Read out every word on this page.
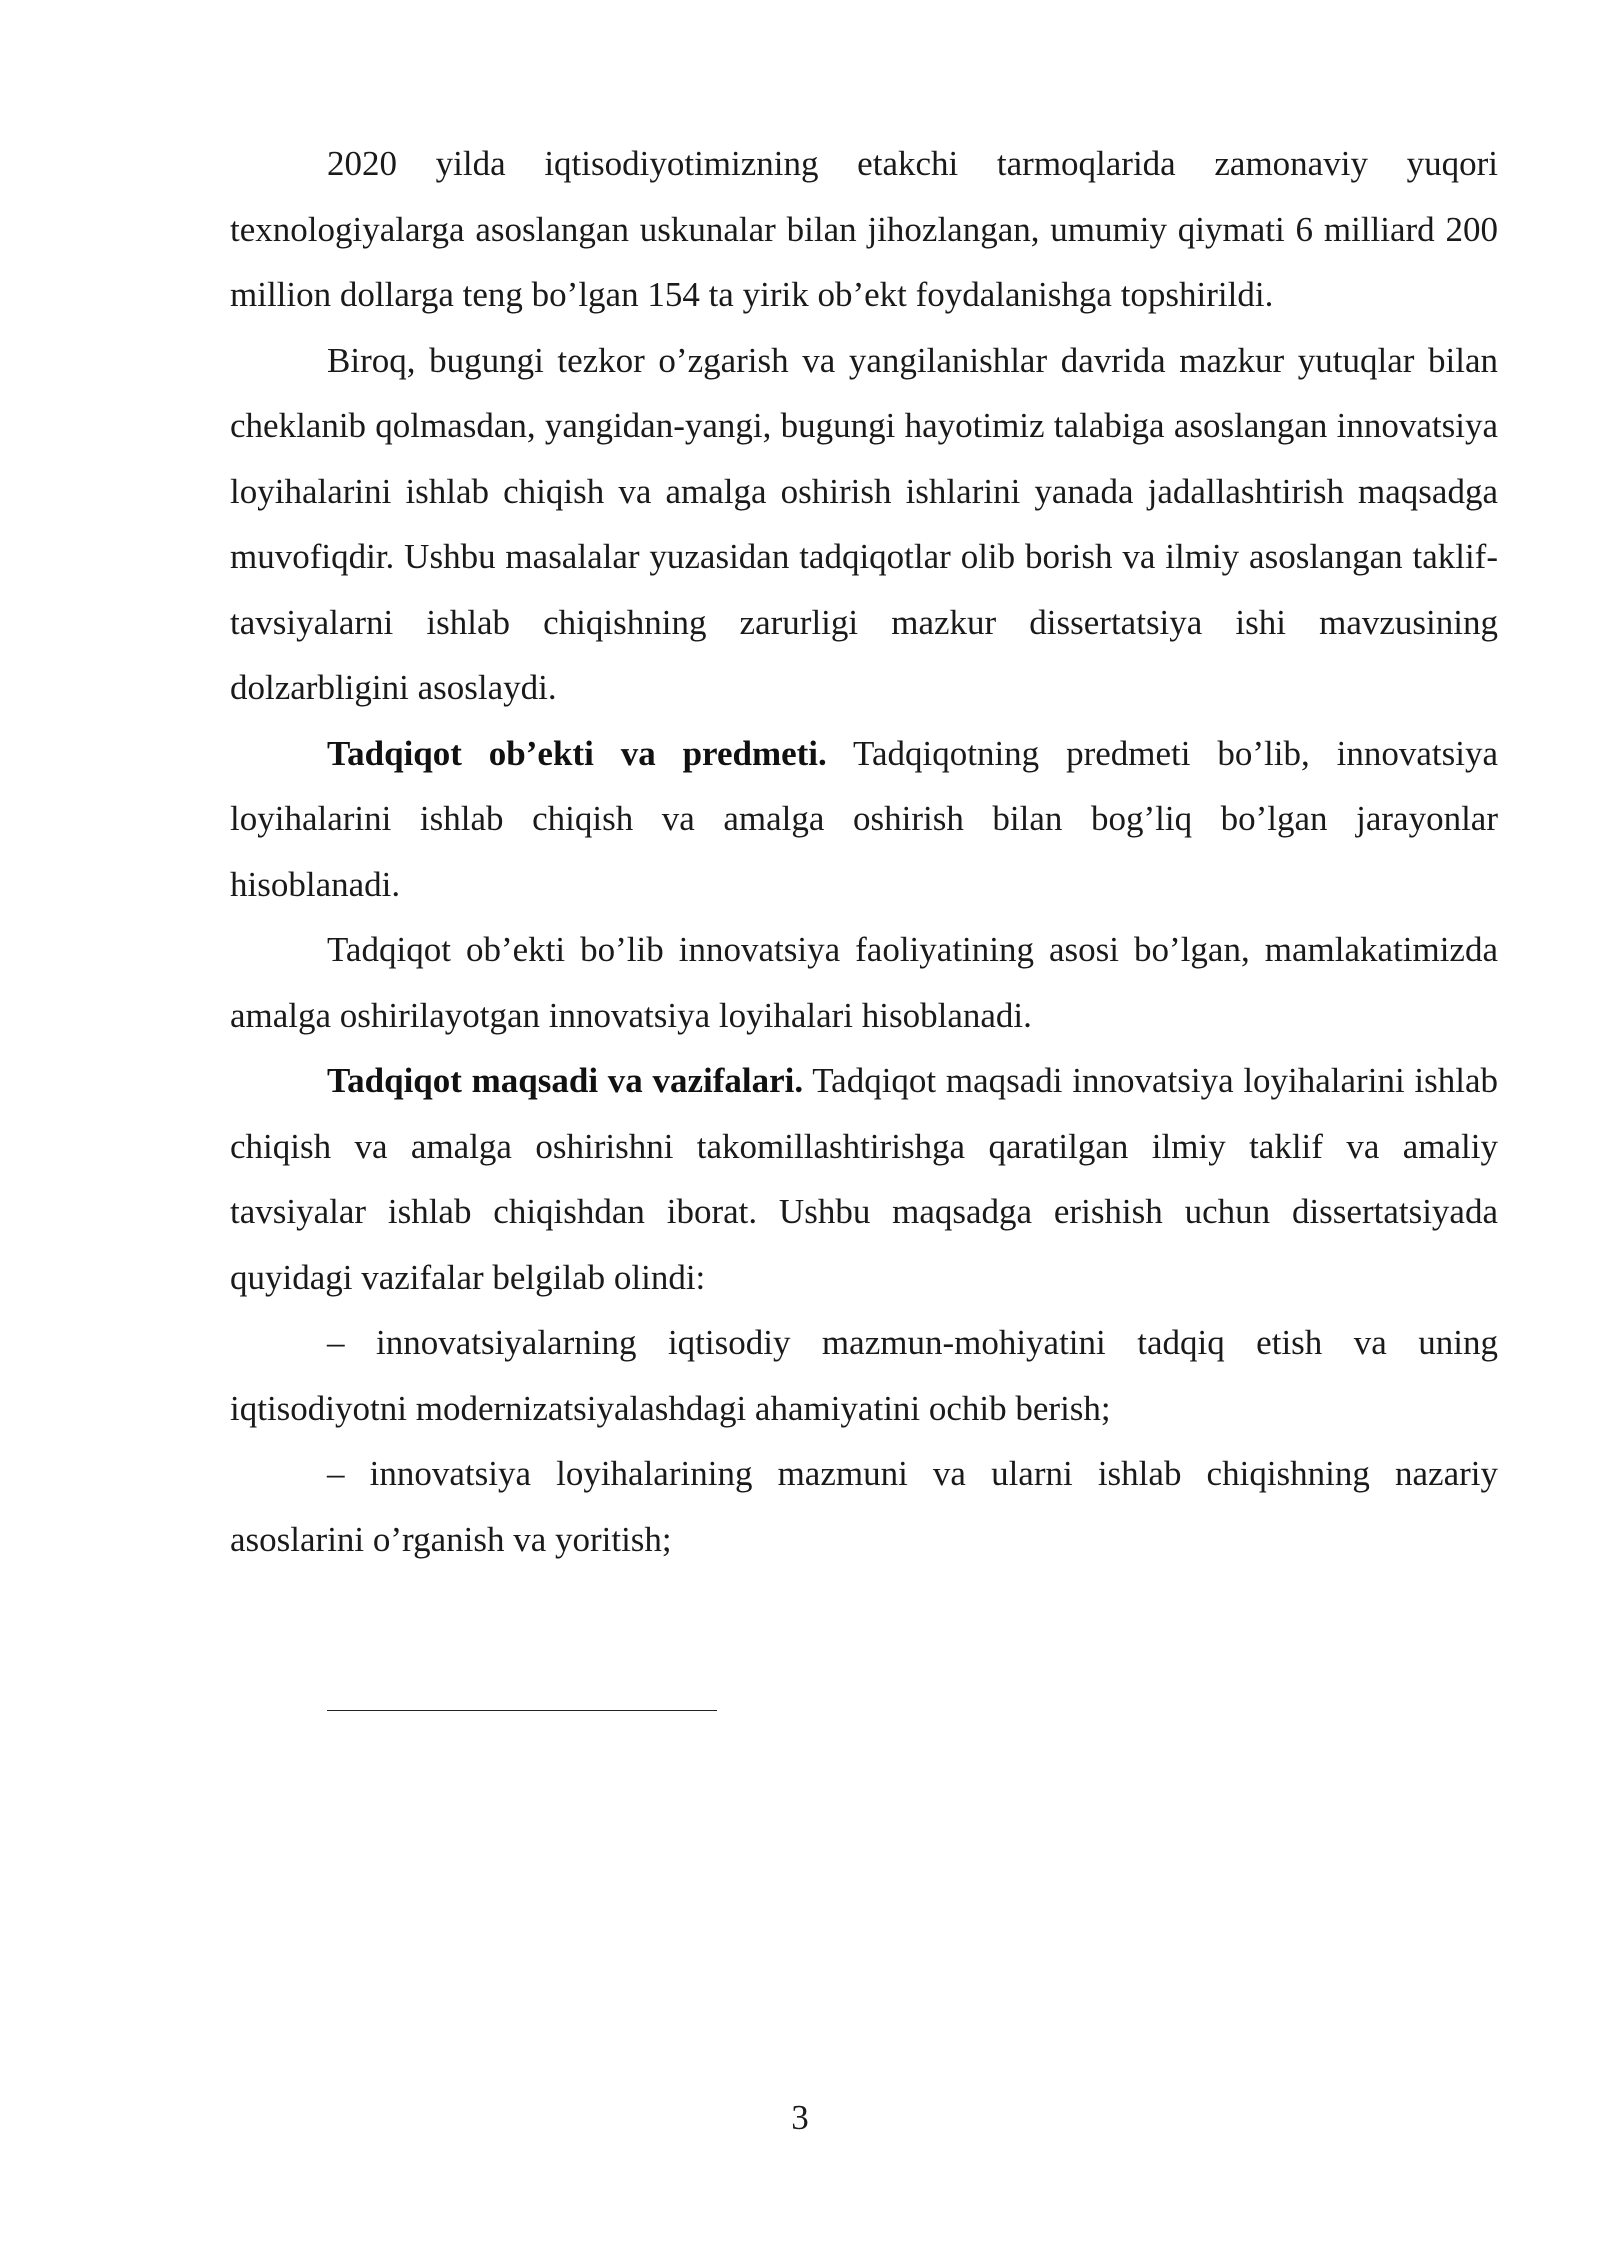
2020 yilda iqtisodiyotimizning etakchi tarmoqlarida zamonaviy yuqori texnologiyalarga asoslangan uskunalar bilan jihozlangan, umumiy qiymati 6 milliard 200 million dollarga teng bo’lgan 154 ta yirik ob’ekt foydalanishga topshirildi.

Biroq, bugungi tezkor o’zgarish va yangilanishlar davrida mazkur yutuqlar bilan cheklanib qolmasdan, yangidan-yangi, bugungi hayotimiz talabiga asoslangan innovatsiya loyihalarini ishlab chiqish va amalga oshirish ishlarini yanada jadallashtirish maqsadga muvofiqdir. Ushbu masalalar yuzasidan tadqiqotlar olib borish va ilmiy asoslangan taklif-tavsiyalarni ishlab chiqishning zarurligi mazkur dissertatsiya ishi mavzusining dolzarbligini asoslaydi.

Tadqiqot ob’ekti va predmeti. Tadqiqotning predmeti bo’lib, innovatsiya loyihalarini ishlab chiqish va amalga oshirish bilan bog’liq bo’lgan jarayonlar hisoblanadi.

Tadqiqot ob’ekti bo’lib innovatsiya faoliyatining asosi bo’lgan, mamlakatimizda amalga oshirilayotgan innovatsiya loyihalari hisoblanadi.

Tadqiqot maqsadi va vazifalari. Tadqiqot maqsadi innovatsiya loyihalarini ishlab chiqish va amalga oshirishni takomillashtirishga qaratilgan ilmiy taklif va amaliy tavsiyalar ishlab chiqishdan iborat. Ushbu maqsadga erishish uchun dissertatsiyada quyidagi vazifalar belgilab olindi:

– innovatsiyalarning iqtisodiy mazmun-mohiyatini tadqiq etish va uning iqtisodiyotni modernizatsiyalashdagi ahamiyatini ochib berish;

– innovatsiya loyihalarining mazmuni va ularni ishlab chiqishning nazariy asoslarini o’rganish va yoritish;

3
